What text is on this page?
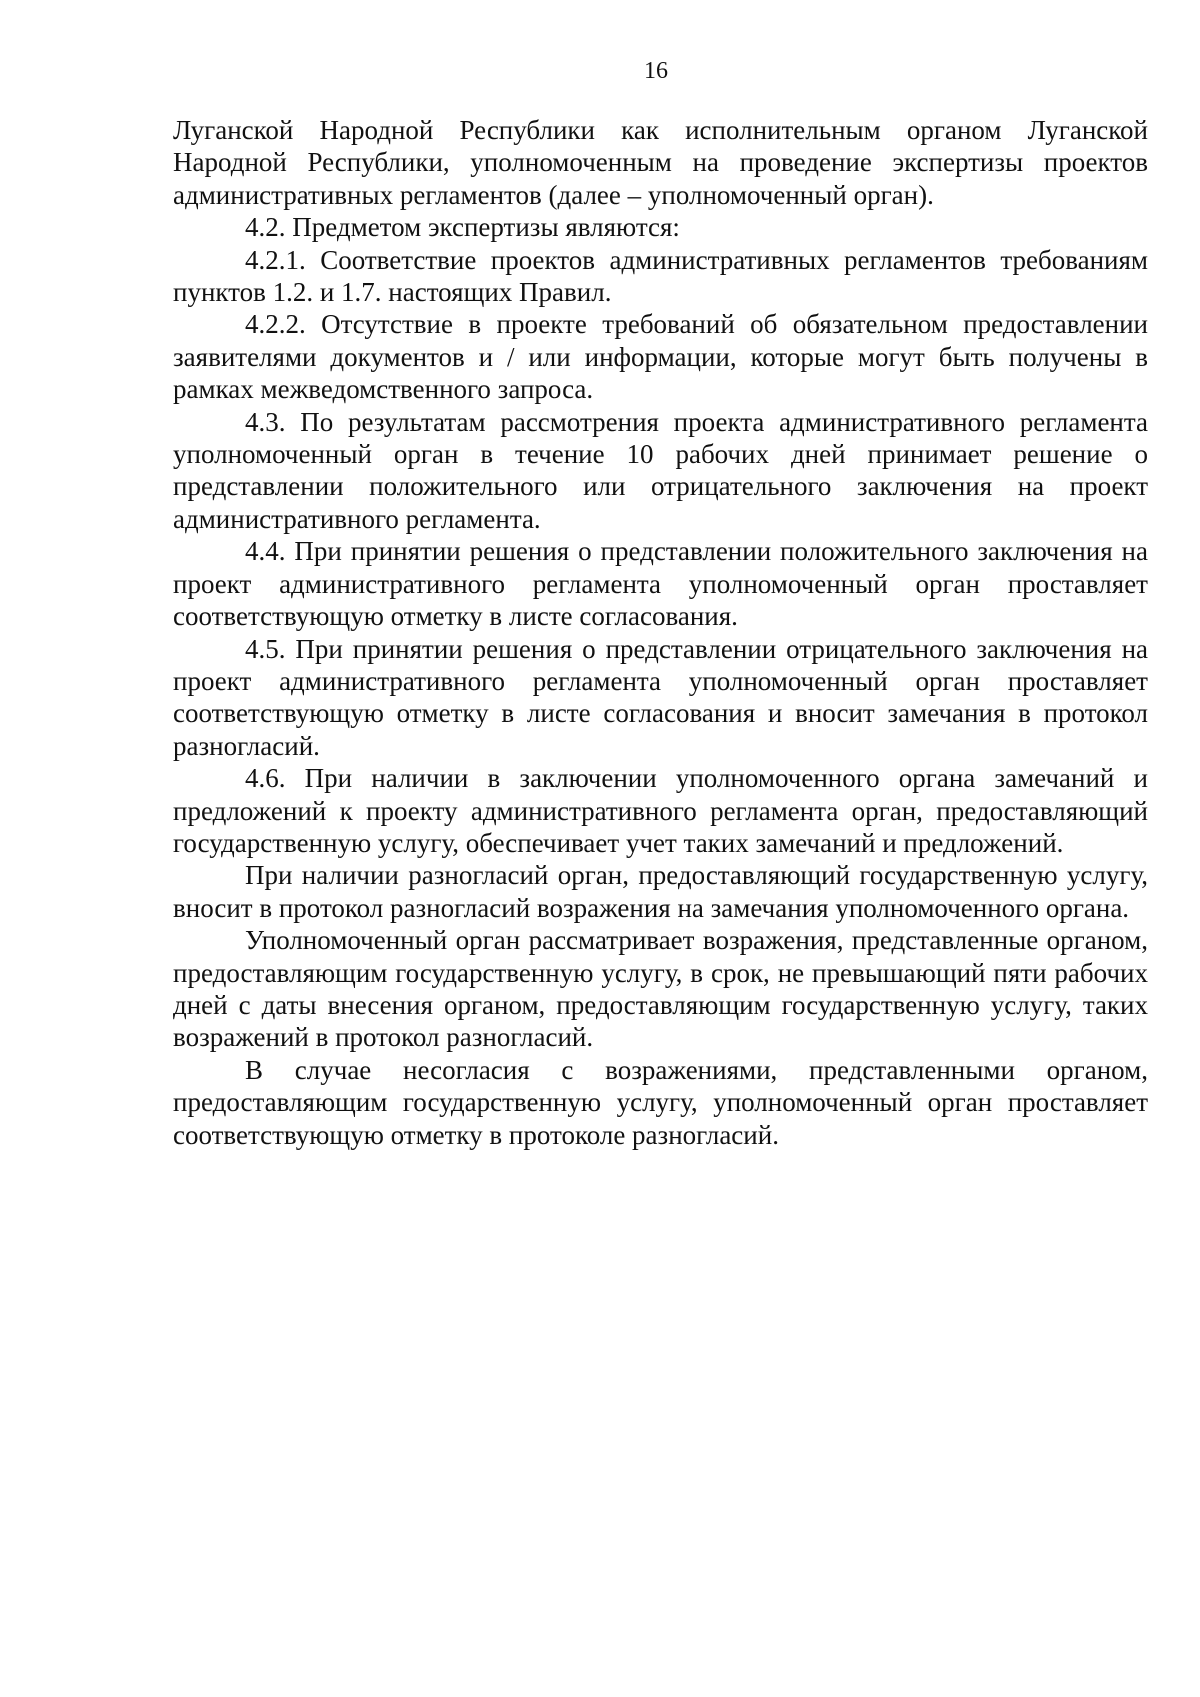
16

Луганской Народной Республики как исполнительным органом Луганской Народной Республики, уполномоченным на проведение экспертизы проектов административных регламентов (далее – уполномоченный орган).

4.2. Предметом экспертизы являются:

4.2.1. Соответствие проектов административных регламентов требованиям пунктов 1.2. и 1.7. настоящих Правил.

4.2.2. Отсутствие в проекте требований об обязательном предоставлении заявителями документов и / или информации, которые могут быть получены в рамках межведомственного запроса.

4.3. По результатам рассмотрения проекта административного регламента уполномоченный орган в течение 10 рабочих дней принимает решение о представлении положительного или отрицательного заключения на проект административного регламента.

4.4. При принятии решения о представлении положительного заключения на проект административного регламента уполномоченный орган проставляет соответствующую отметку в листе согласования.

4.5. При принятии решения о представлении отрицательного заключения на проект административного регламента уполномоченный орган проставляет соответствующую отметку в листе согласования и вносит замечания в протокол разногласий.

4.6. При наличии в заключении уполномоченного органа замечаний и предложений к проекту административного регламента орган, предоставляющий государственную услугу, обеспечивает учет таких замечаний и предложений.

При наличии разногласий орган, предоставляющий государственную услугу, вносит в протокол разногласий возражения на замечания уполномоченного органа.

Уполномоченный орган рассматривает возражения, представленные органом, предоставляющим государственную услугу, в срок, не превышающий пяти рабочих дней с даты внесения органом, предоставляющим государственную услугу, таких возражений в протокол разногласий.

В случае несогласия с возражениями, представленными органом, предоставляющим государственную услугу, уполномоченный орган проставляет соответствующую отметку в протоколе разногласий.
